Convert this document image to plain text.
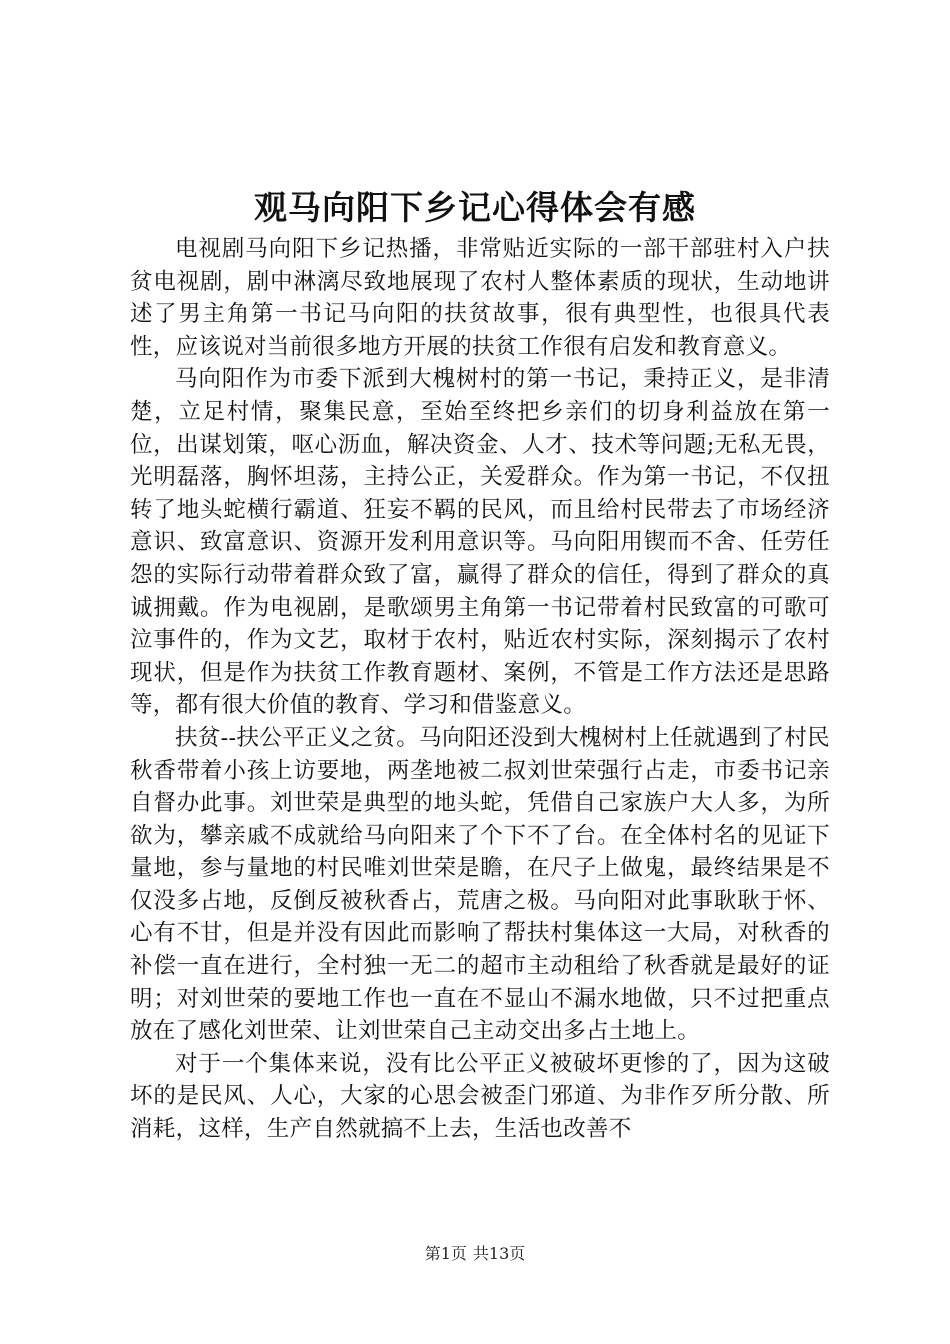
观马向阳下乡记心得体会有感

电视剧马向阳下乡记热播，非常贴近实际的一部干部驻村入户扶贫电视剧，剧中淋漓尽致地展现了农村人整体素质的现状，生动地讲述了男主角第一书记马向阳的扶贫故事，很有典型性，也很具代表性，应该说对当前很多地方开展的扶贫工作很有启发和教育意义。

马向阳作为市委下派到大槐树村的第一书记，秉持正义，是非清楚，立足村情，聚集民意，至始至终把乡亲们的切身利益放在第一位，出谋划策，呕心沥血，解决资金、人才、技术等问题;无私无畏，光明磊落，胸怀坦荡，主持公正，关爱群众。作为第一书记，不仅扭转了地头蛇横行霸道、狂妄不羁的民风，而且给村民带去了市场经济意识、致富意识、资源开发利用意识等。马向阳用锲而不舍、任劳任怨的实际行动带着群众致了富，赢得了群众的信任，得到了群众的真诚拥戴。作为电视剧，是歌颂男主角第一书记带着村民致富的可歌可泣事件的，作为文艺，取材于农村，贴近农村实际，深刻揭示了农村现状，但是作为扶贫工作教育题材、案例，不管是工作方法还是思路等，都有很大价值的教育、学习和借鉴意义。

扶贫--扶公平正义之贫。马向阳还没到大槐树村上任就遇到了村民秋香带着小孩上访要地，两垄地被二叔刘世荣强行占走，市委书记亲自督办此事。刘世荣是典型的地头蛇，凭借自己家族户大人多，为所欲为，攀亲戚不成就给马向阳来了个下不了台。在全体村名的见证下量地，参与量地的村民唯刘世荣是瞻，在尺子上做鬼，最终结果是不仅没多占地，反倒反被秋香占，荒唐之极。马向阳对此事耿耿于怀、心有不甘，但是并没有因此而影响了帮扶村集体这一大局，对秋香的补偿一直在进行，全村独一无二的超市主动租给了秋香就是最好的证明；对刘世荣的要地工作也一直在不显山不漏水地做，只不过把重点放在了感化刘世荣、让刘世荣自己主动交出多占土地上。

对于一个集体来说，没有比公平正义被破坏更惨的了，因为这破坏的是民风、人心，大家的心思会被歪门邪道、为非作歹所分散、所消耗，这样，生产自然就搞不上去，生活也改善不

第1页 共13页
